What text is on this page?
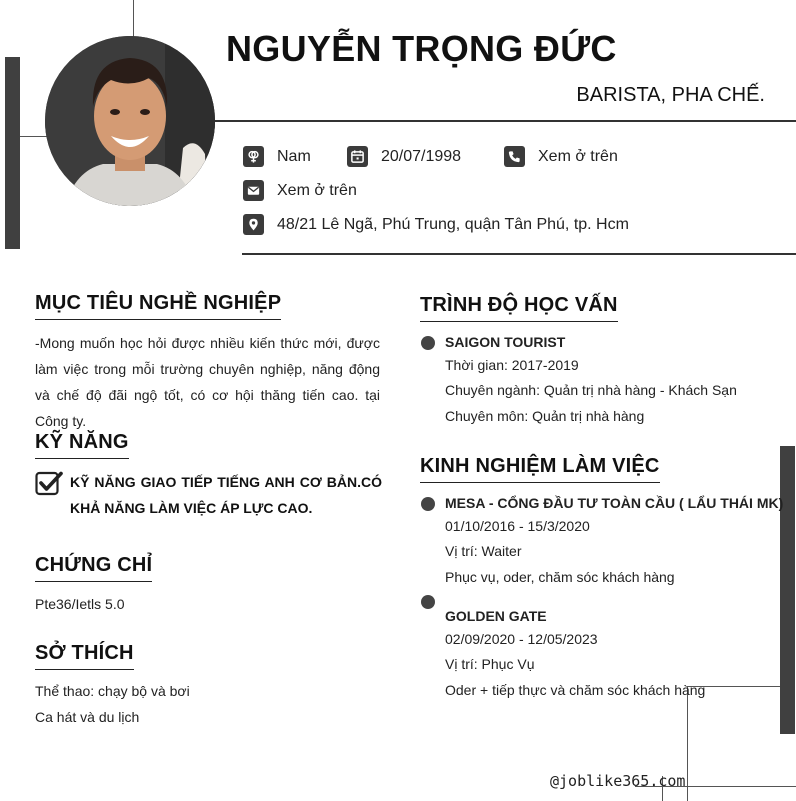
NGUYỄN TRỌNG ĐỨC
BARISTA, PHA CHẾ.
Nam	20/07/1998	Xem ở trên
Xem ở trên
48/21 Lê Ngã, Phú Trung, quận Tân Phú, tp. Hcm
MỤC TIÊU NGHỀ NGHIỆP
-Mong muốn học hỏi được nhiều kiến thức mới, được làm việc trong mỗi trường chuyên nghiệp, năng động và chế độ đãi ngộ tốt, có cơ hội thăng tiến cao. tại Công ty.
KỸ NĂNG
KỸ NĂNG GIAO TIẾP TIẾNG ANH CƠ BẢN.CÓ KHẢ NĂNG LÀM VIỆC ÁP LỰC CAO.
CHỨNG CHỈ
Pte36/Ietls 5.0
SỞ THÍCH
Thể thao: chạy bộ và bơi
Ca hát và du lịch
TRÌNH ĐỘ HỌC VẤN
SAIGON TOURIST
Thời gian: 2017-2019
Chuyên ngành: Quản trị nhà hàng - Khách Sạn
Chuyên môn: Quản trị nhà hàng
KINH NGHIỆM LÀM VIỆC
MESA - CỔNG ĐẦU TƯ TOÀN CẦU ( LẨU THÁI MK)
01/10/2016 - 15/3/2020
Vị trí: Waiter
Phục vụ, oder, chăm sóc khách hàng
GOLDEN GATE
02/09/2020 - 12/05/2023
Vị trí: Phục Vụ
Oder + tiếp thực và chăm sóc khách hàng
@joblike365.com
